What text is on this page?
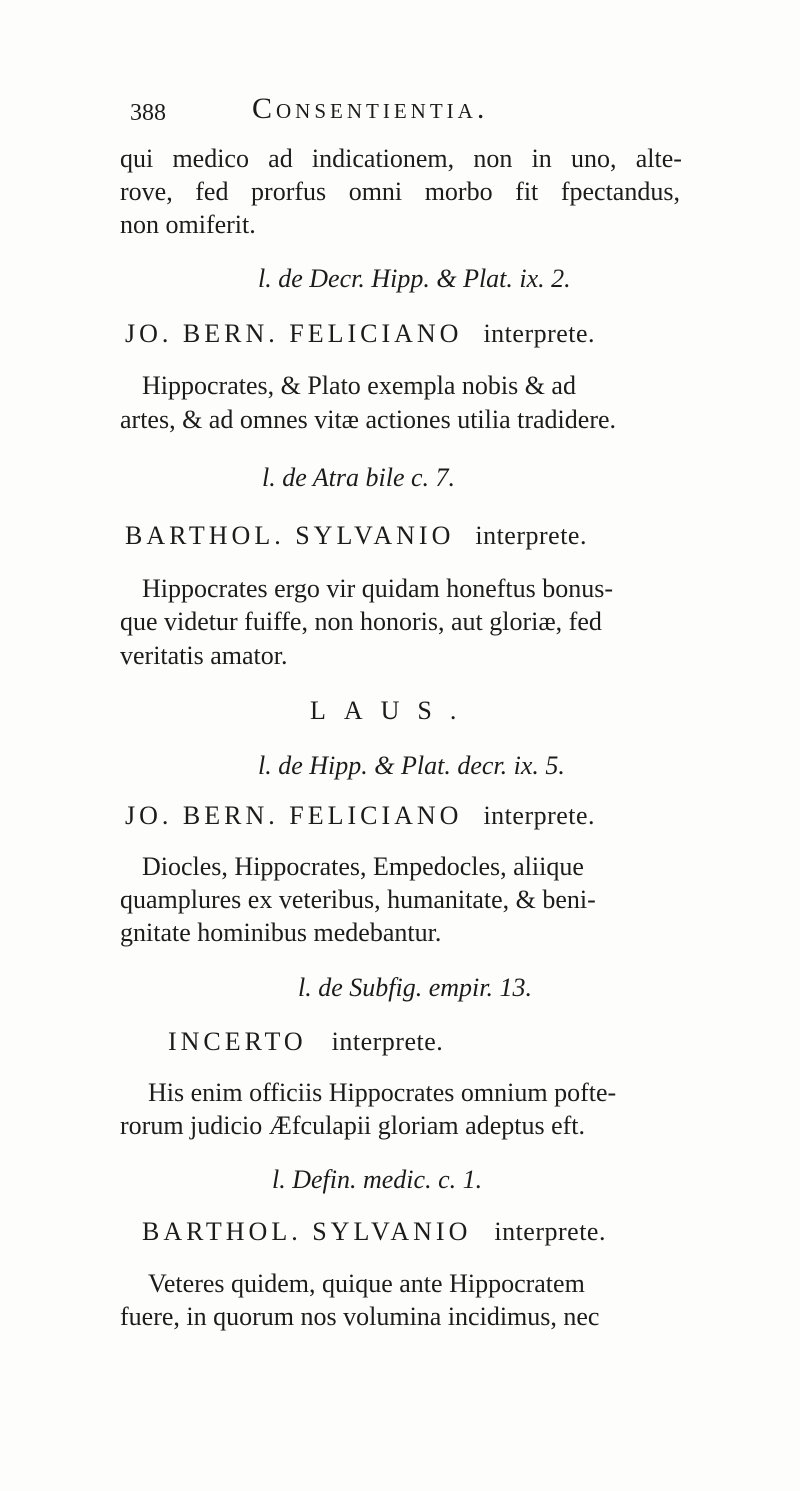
388	Consentientia.
qui medico ad indicationem, non in uno, alte-
rove, fed prorfus omni morbo fit fpectandus,
non omiferit.
l. de Decr. Hipp. & Plat. ix. 2.
JO. BERN. FELICIANO interprete.
Hippocrates, & Plato exempla nobis & ad
artes, & ad omnes vitæ actiones utilia tradidere.
l. de Atra bile c. 7.
BARTHOL. SYLVANIO interprete.
Hippocrates ergo vir quidam honeftus bonus-
que videtur fuiffe, non honoris, aut gloriæ, fed
veritatis amator.
LAUS.
l. de Hipp. & Plat. decr. ix. 5.
JO. BERN. FELICIANO interprete.
Diocles, Hippocrates, Empedocles, aliique
quamplures ex veteribus, humanitate, & beni-
gnitate hominibus medebantur.
l. de Subfig. empir. 13.
INCERTO interprete.
His enim officiis Hippocrates omnium pofte-
rorum judicio Æfculapii gloriam adeptus eft.
l. Defin. medic. c. 1.
BARTHOL. SYLVANIO interprete.
Veteres quidem, quique ante Hippocratem
fuere, in quorum nos volumina incidimus, nec
